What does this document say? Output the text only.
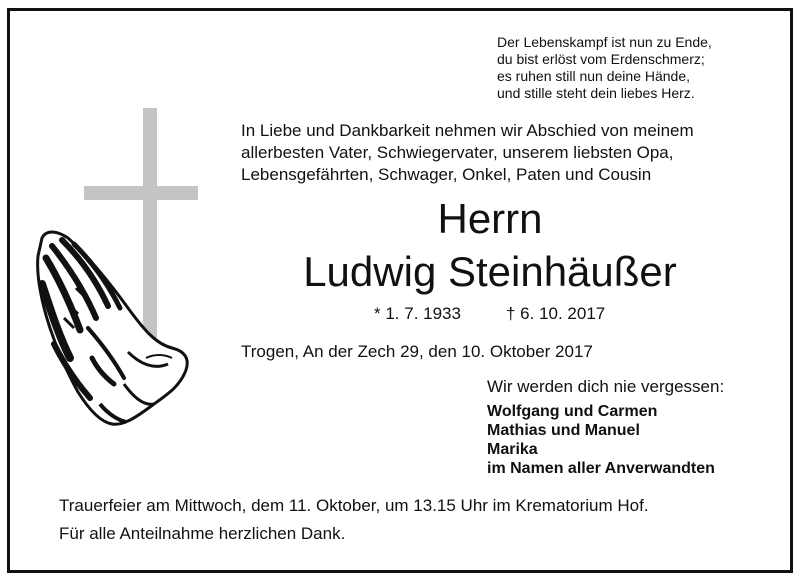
Der Lebenskampf ist nun zu Ende,
du bist erlöst vom Erdenschmerz;
es ruhen still nun deine Hände,
und stille steht dein liebes Herz.
In Liebe und Dankbarkeit nehmen wir Abschied von meinem
allerbesten Vater, Schwiegervater, unserem liebsten Opa,
Lebensgefährten, Schwager, Onkel, Paten und Cousin
Herrn
Ludwig Steinhäußer
* 1. 7. 1933	† 6. 10. 2017
Trogen, An der Zech 29, den 10. Oktober 2017
Wir werden dich nie vergessen:
Wolfgang und Carmen
Mathias und Manuel
Marika
im Namen aller Anverwandten
Trauerfeier am Mittwoch, dem 11. Oktober, um 13.15 Uhr im Krematorium Hof.
Für alle Anteilnahme herzlichen Dank.
